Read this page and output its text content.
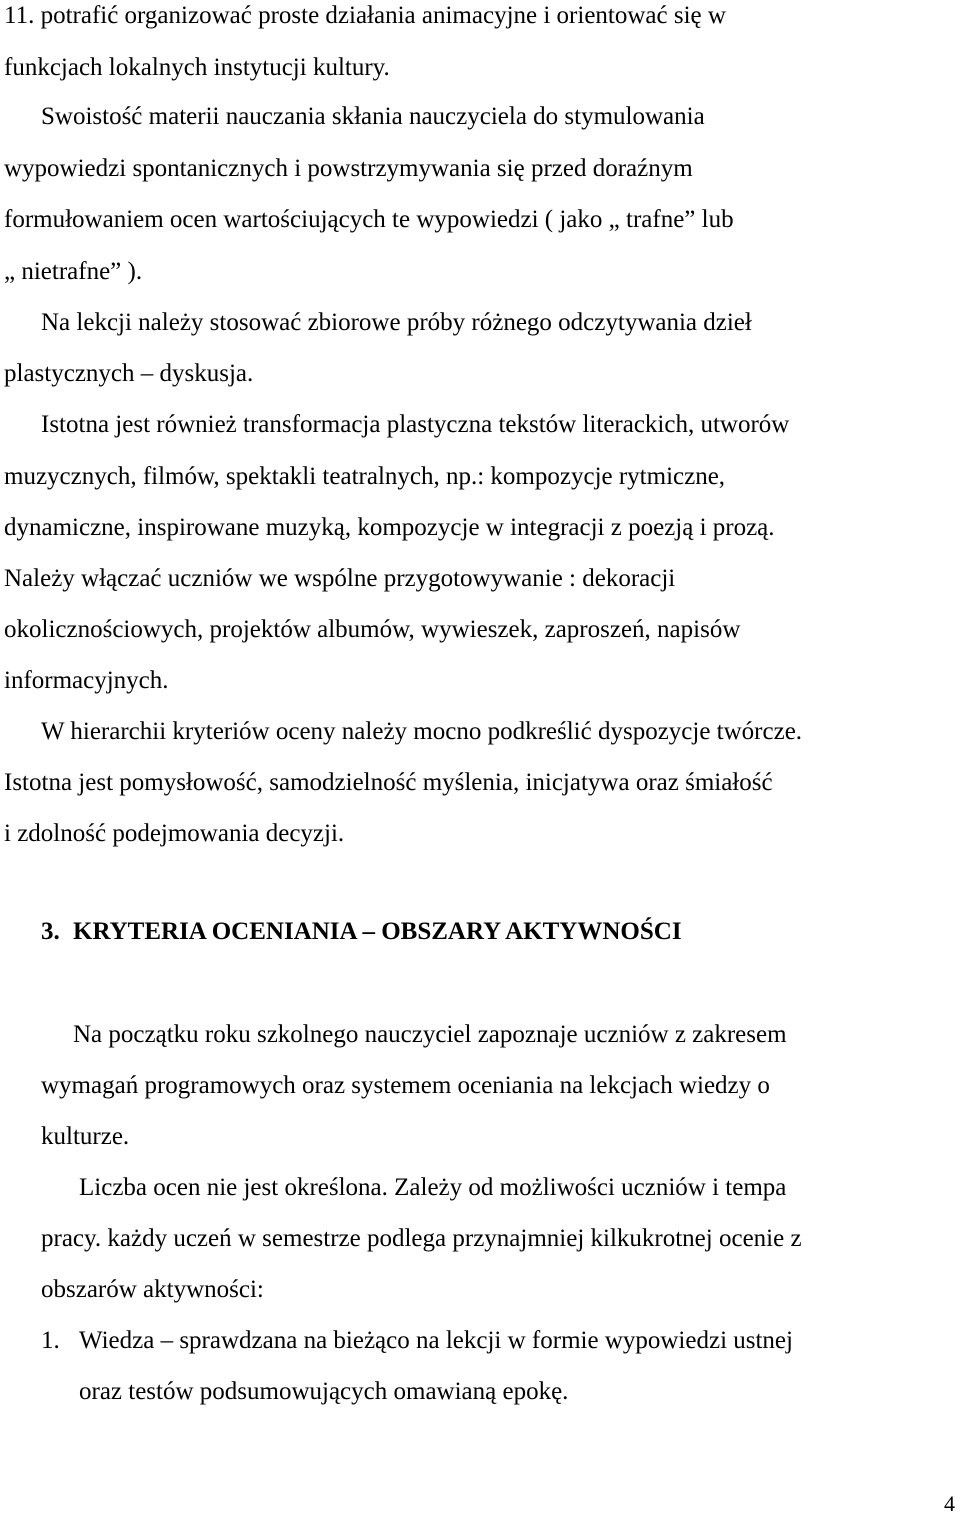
11. potrafić organizować proste działania animacyjne i orientować się w

funkcjach lokalnych instytucji kultury.

Swoistość materii nauczania skłania nauczyciela do stymulowania

wypowiedzi spontanicznych i powstrzymywania się przed doraźnym

formułowaniem ocen wartościujących te wypowiedzi ( jako „ trafne” lub

„ nietrafne” ).

Na lekcji należy stosować zbiorowe próby różnego odczytywania dzieł

plastycznych – dyskusja.

Istotna jest również transformacja plastyczna tekstów literackich, utworów

muzycznych, filmów, spektakli teatralnych, np.: kompozycje rytmiczne,

dynamiczne, inspirowane muzyką, kompozycje w integracji z poezją i prozą.

Należy włączać uczniów we wspólne przygotowywanie : dekoracji

okolicznościowych, projektów albumów, wywieszek, zaproszeń, napisów

informacyjnych.

W hierarchii kryteriów oceny należy mocno podkreślić dyspozycje twórcze.

Istotna jest pomysłowość, samodzielność myślenia, inicjatywa oraz śmiałość

i zdolność podejmowania decyzji.

3. KRYTERIA OCENIANIA – OBSZARY AKTYWNOŚCI

Na początku roku szkolnego nauczyciel zapoznaje uczniów z zakresem

wymagań programowych oraz systemem oceniania na lekcjach wiedzy o

kulturze.

Liczba ocen nie jest określona. Zależy od możliwości uczniów i tempa

pracy. każdy uczeń w semestrze podlega przynajmniej kilkukrotnej ocenie z

obszarów aktywności:

1. Wiedza – sprawdzana na bieżąco na lekcji w formie wypowiedzi ustnej

oraz testów podsumowujących omawianą epokę.

4
